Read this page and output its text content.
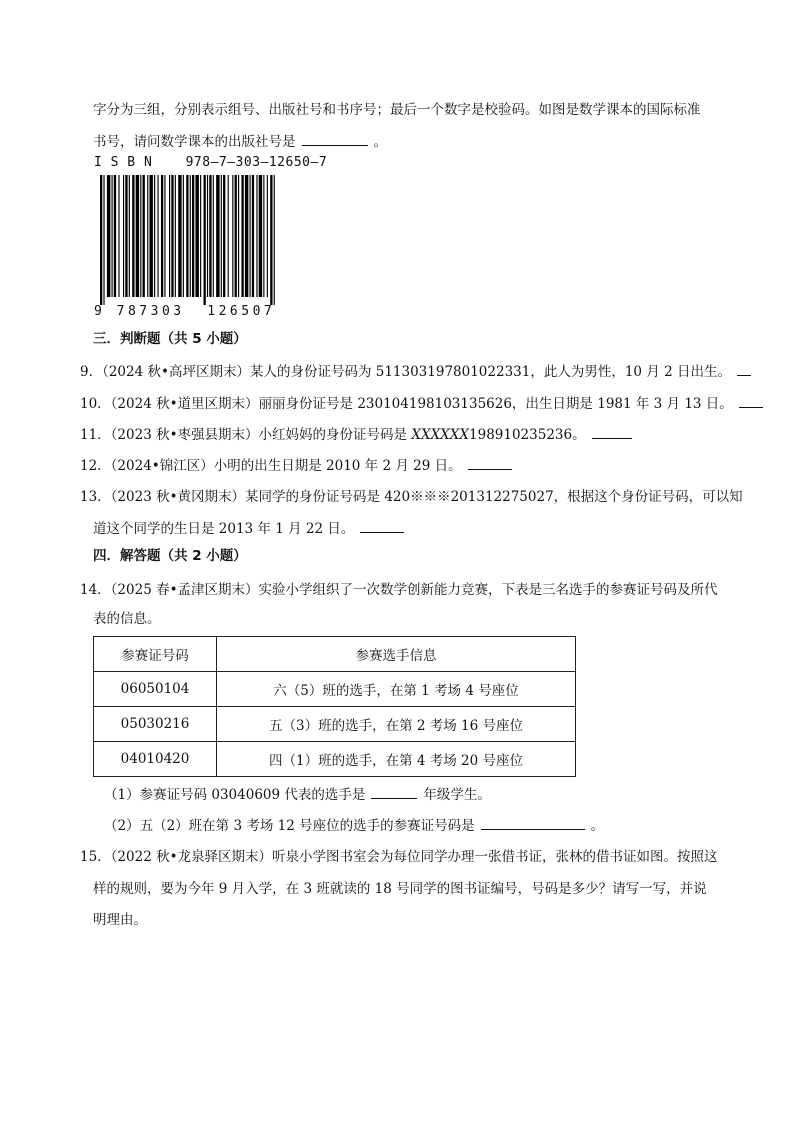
字分为三组，分别表示组号、出版社号和书序号；最后一个数字是校验码。如图是数学课本的国际标准
书号，请问数学课本的出版社号是	。
I S B N    978—7—303—12650—7
9 787303  126507
三．判断题（共 5 小题）
9．（2024 秋•高坪区期末）某人的身份证号码为 511303197801022331，此人为男性，10 月 2 日出生。
10．（2024 秋•道里区期末）丽丽身份证号是 230104198103135626，出生日期是 1981 年 3 月 13 日。
11．（2023 秋•枣强县期末）小红妈妈的身份证号码是 XXXXXX198910235236。
12．（2024•锦江区）小明的出生日期是 2010 年 2 月 29 日。
13．（2023 秋•黄冈期末）某同学的身份证号码是 420※※※201312275027，根据这个身份证号码，可以知
道这个同学的生日是 2013 年 1 月 22 日。
四．解答题（共 2 小题）
14．（2025 春•孟津区期末）实验小学组织了一次数学创新能力竞赛，下表是三名选手的参赛证号码及所代
表的信息。
参赛证号码	参赛选手信息
06050104	六（5）班的选手，在第 1 考场 4 号座位
05030216	五（3）班的选手，在第 2 考场 16 号座位
04010420	四（1）班的选手，在第 4 考场 20 号座位
（1）参赛证号码 03040609 代表的选手是	年级学生。
（2）五（2）班在第 3 考场 12 号座位的选手的参赛证号码是	。
15．（2022 秋•龙泉驿区期末）听泉小学图书室会为每位同学办理一张借书证，张林的借书证如图。按照这
样的规则，要为今年 9 月入学，在 3 班就读的 18 号同学的图书证编号，号码是多少？请写一写，并说
明理由。
